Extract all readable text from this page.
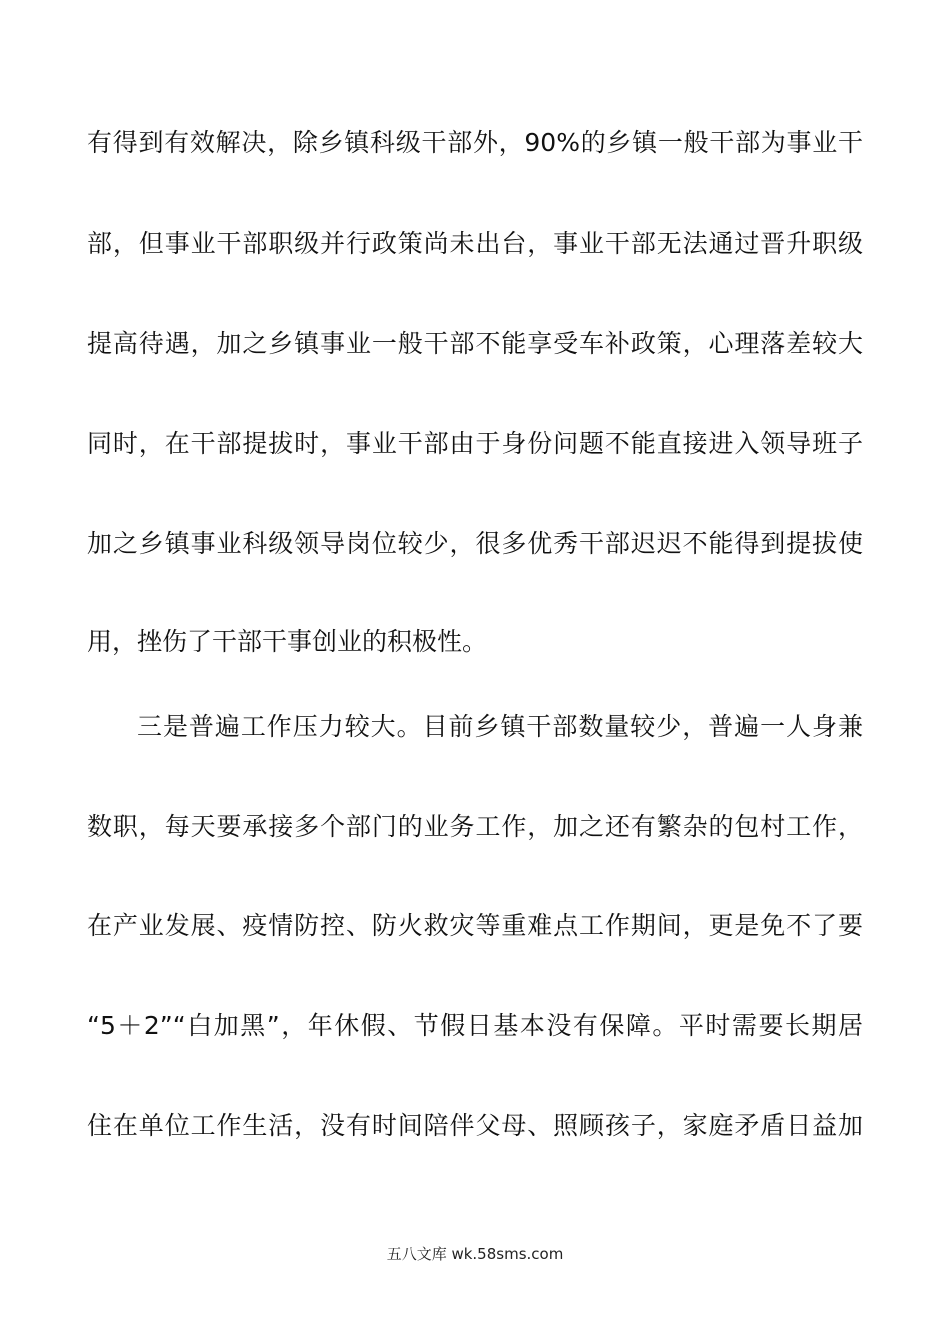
有得到有效解决，除乡镇科级干部外，90%的乡镇一般干部为事业干
部，但事业干部职级并行政策尚未出台，事业干部无法通过晋升职级
提高待遇，加之乡镇事业一般干部不能享受车补政策，心理落差较大
同时，在干部提拔时，事业干部由于身份问题不能直接进入领导班子
加之乡镇事业科级领导岗位较少，很多优秀干部迟迟不能得到提拔使
用，挫伤了干部干事创业的积极性。
三是普遍工作压力较大。目前乡镇干部数量较少，普遍一人身兼
数职，每天要承接多个部门的业务工作，加之还有繁杂的包村工作，
在产业发展、疫情防控、防火救灾等重难点工作期间，更是免不了要
“5＋2”“白加黑”，年休假、节假日基本没有保障。平时需要长期居
住在单位工作生活，没有时间陪伴父母、照顾孩子，家庭矛盾日益加
五八文库 wk.58sms.com
